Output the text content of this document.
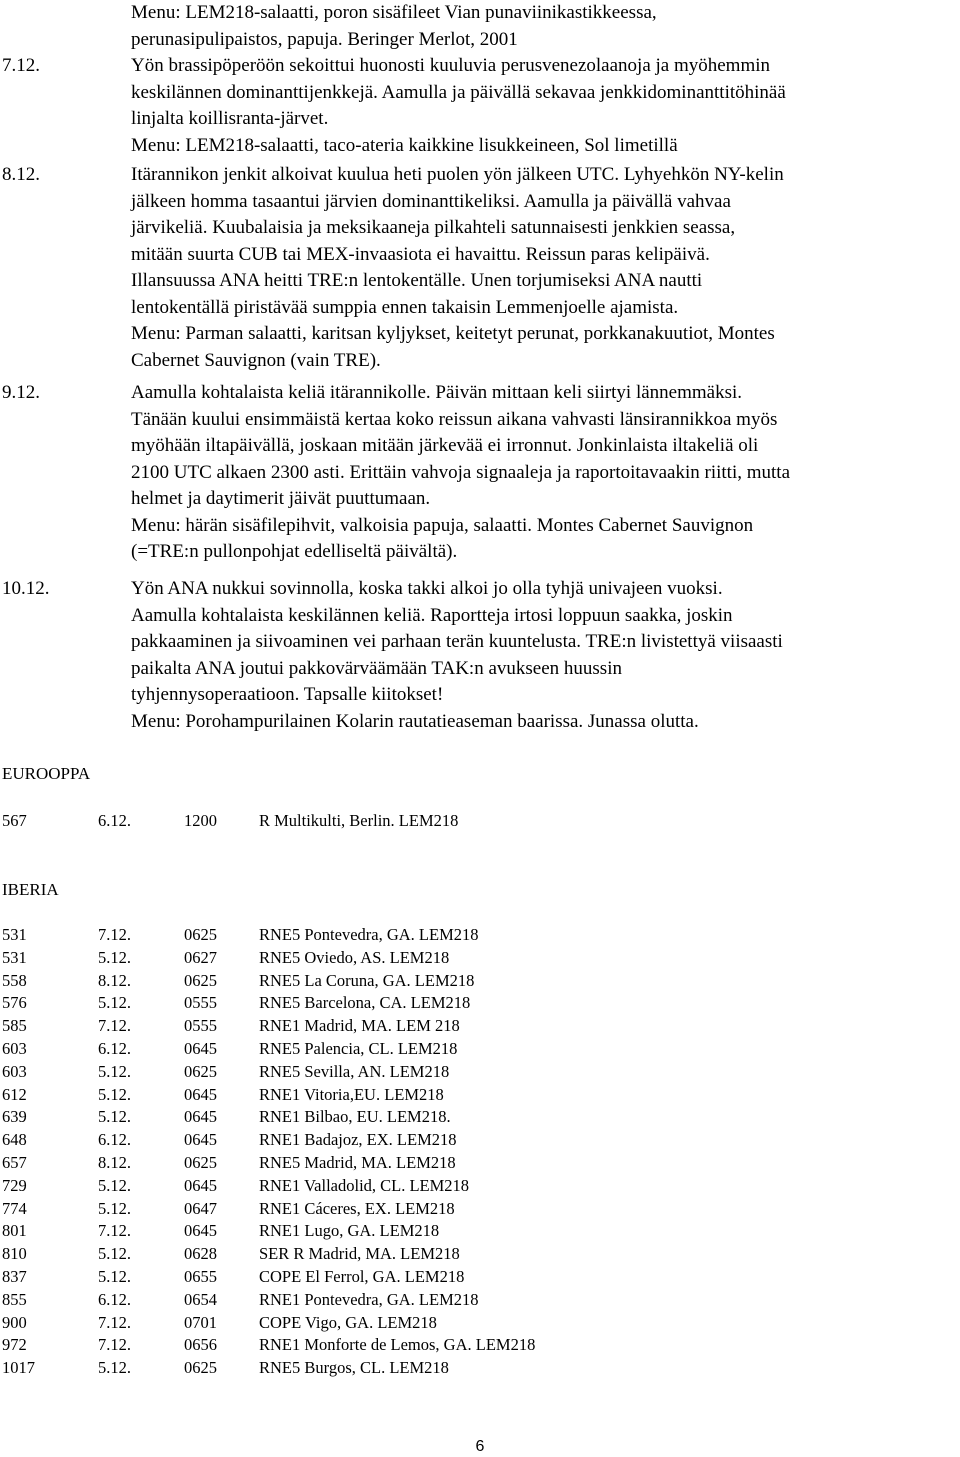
Menu: LEM218-salaatti, poron sisäfileet Vian punaviinikastikkeessa,
perunasipulipaistos, papuja. Beringer Merlot, 2001
7.12.	Yön brassipöperöön sekoittui huonosti kuuluvia perusvenezolaanoja ja myöhemmin
keskilännen dominanttijenkkejä. Aamulla ja päivällä sekavaa jenkkidominanttitöhinää
linjalta koillisranta-järvet.
Menu: LEM218-salaatti, taco-ateria kaikkine lisukkeineen, Sol limetillä
8.12.	Itärannikon jenkit alkoivat kuulua heti puolen yön jälkeen UTC. Lyhyehkön NY-kelin
jälkeen homma tasaantui järvien dominanttikeliksi. Aamulla ja päivällä vahvaa
järvikeliä. Kuubalaisia ja meksikaaneja pilkahteli satunnaisesti jenkkien seassa,
mitään suurta CUB tai MEX-invaasiota ei havaittu. Reissun paras kelipäivä.
Illansuussa ANA heitti TRE:n lentokentälle. Unen torjumiseksi ANA nautti
lentokentällä piristävää sumppia ennen takaisin Lemmenjoelle ajamista.
Menu: Parman salaatti, karitsan kyljykset, keitetyt perunat, porkkanakuutiot, Montes
Cabernet Sauvignon (vain TRE).
9.12.	Aamulla kohtalaista keliä itärannikolle. Päivän mittaan keli siirtyi lännemmäksi.
Tänään kuului ensimmäistä kertaa koko reissun aikana vahvasti länsirannikkoa myös
myöhään iltapäivällä, joskaan mitään järkevää ei irronnut. Jonkinlaista iltakeliä oli
2100 UTC alkaen 2300 asti. Erittäin vahvoja signaaleja ja raportoitavaakin riitti, mutta
helmet ja daytimerit jäivät puuttumaan.
Menu: härän sisäfilepihvit, valkoisia papuja, salaatti. Montes Cabernet Sauvignon
(=TRE:n pullonpohjat edelliseltä päivältä).
10.12.	Yön ANA nukkui sovinnolla, koska takki alkoi jo olla tyhjä univajeen vuoksi.
Aamulla kohtalaista keskilännen keliä. Raportteja irtosi loppuun saakka, joskin
pakkaaminen ja siivoaminen vei parhaan terän kuuntelusta. TRE:n livistettyä viisaasti
paikalta ANA joutui pakkovärväämään TAK:n avukseen huussin
tyhjennysoperaatioon. Tapsalle kiitokset!
Menu: Porohampurilainen Kolarin rautatieaseman baarissa. Junassa olutta.
EUROOPPA
567	6.12.	1200	R Multikulti, Berlin. LEM218
IBERIA
531	7.12.	0625	RNE5 Pontevedra, GA. LEM218
531	5.12.	0627	RNE5 Oviedo, AS. LEM218
558	8.12.	0625	RNE5 La Coruna, GA. LEM218
576	5.12.	0555	RNE5 Barcelona, CA. LEM218
585	7.12.	0555	RNE1 Madrid, MA. LEM 218
603	6.12.	0645	RNE5 Palencia, CL. LEM218
603	5.12.	0625	RNE5 Sevilla, AN. LEM218
612	5.12.	0645	RNE1 Vitoria,EU. LEM218
639	5.12.	0645	RNE1 Bilbao, EU. LEM218.
648	6.12.	0645	RNE1 Badajoz, EX. LEM218
657	8.12.	0625	RNE5 Madrid, MA. LEM218
729	5.12.	0645	RNE1 Valladolid, CL. LEM218
774	5.12.	0647	RNE1 Cáceres, EX. LEM218
801	7.12.	0645	RNE1 Lugo, GA. LEM218
810	5.12.	0628	SER R Madrid, MA. LEM218
837	5.12.	0655	COPE El Ferrol, GA. LEM218
855	6.12.	0654	RNE1 Pontevedra, GA. LEM218
900	7.12.	0701	COPE Vigo, GA. LEM218
972	7.12.	0656	RNE1 Monforte de Lemos, GA. LEM218
1017	5.12.	0625	RNE5 Burgos, CL. LEM218
6
